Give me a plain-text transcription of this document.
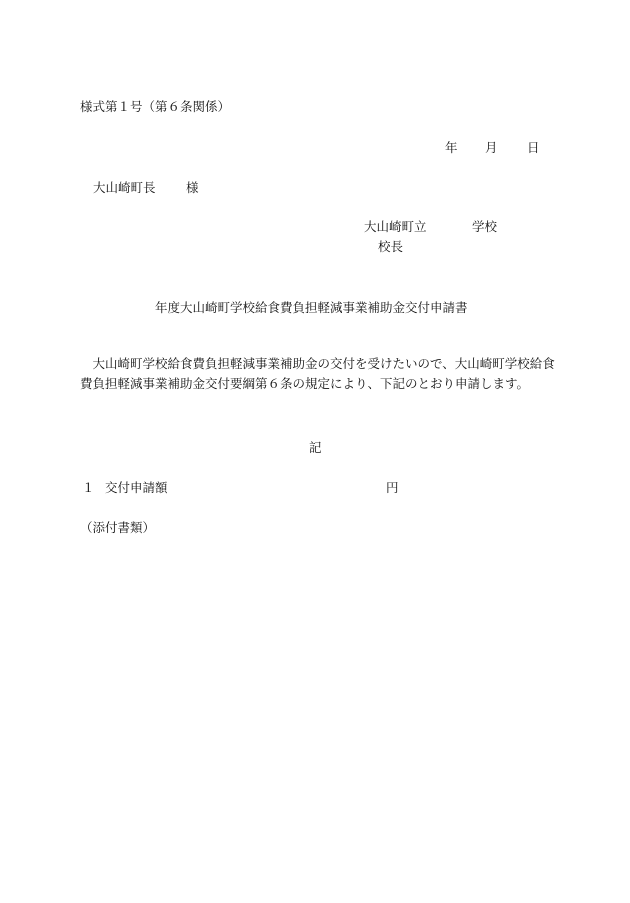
様式第１号（第６条関係）
年 月 日
大山崎町長 様
大山崎町立	学校
校長
年度大山崎町学校給食費負担軽減事業補助金交付申請書

大山崎町学校給食費負担軽減事業補助金の交付を受けたいので、大山崎町学校給食費負担軽減事業補助金交付要綱第６条の規定により、下記のとおり申請します。

記
１ 交付申請額	円
（添付書類）
